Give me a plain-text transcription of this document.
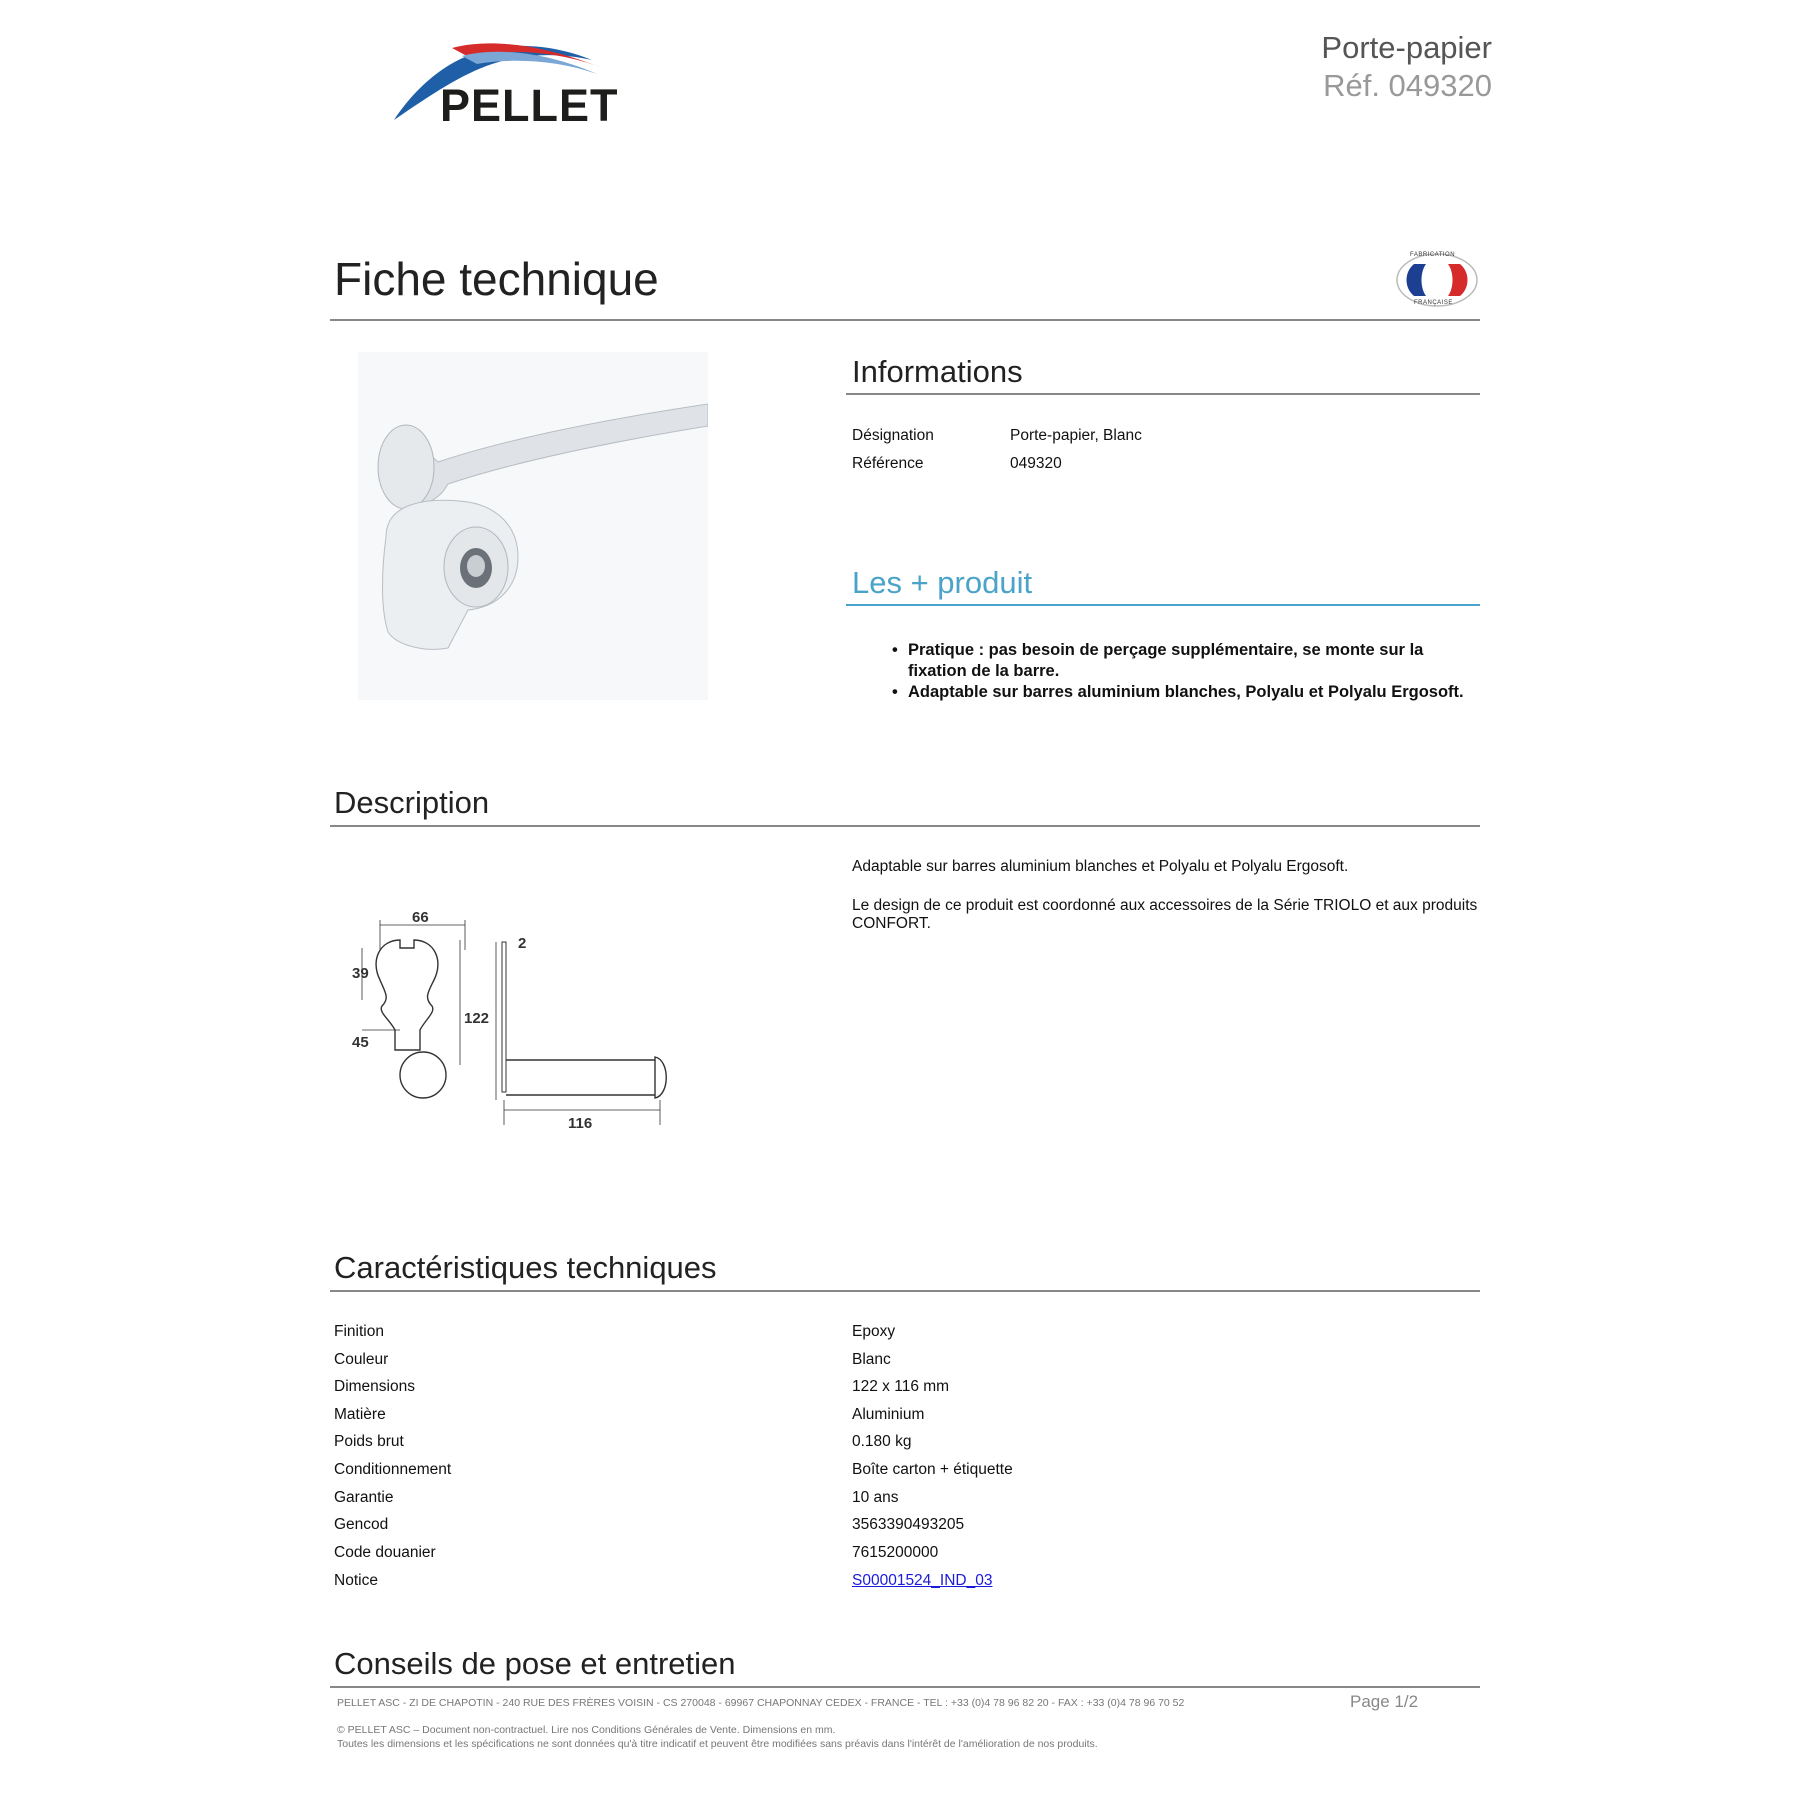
PELLET
Porte-papier
Réf. 049320
Fiche technique	FABRICATION
FRANÇAISE
Informations
Désignation	Porte-papier, Blanc
Référence	049320
Les + produit
• Pratique : pas besoin de perçage supplémentaire, se monte sur la
fixation de la barre.
• Adaptable sur barres aluminium blanches, Polyalu et Polyalu Ergosoft.
Description
Adaptable sur barres aluminium blanches et Polyalu et Polyalu Ergosoft.
Le design de ce produit est coordonné aux accessoires de la Série TRIOLO et aux produits
CONFORT.
66
39
45
122
2
116
Caractéristiques techniques
Finition	Epoxy
Couleur	Blanc
Dimensions	122 x 116 mm
Matière	Aluminium
Poids brut	0.180 kg
Conditionnement	Boîte carton + étiquette
Garantie	10 ans
Gencod	3563390493205
Code douanier	7615200000
Notice	S00001524_IND_03
Conseils de pose et entretien
PELLET ASC - ZI DE CHAPOTIN - 240 RUE DES FRÈRES VOISIN - CS 270048 - 69967 CHAPONNAY CEDEX - FRANCE - TEL : +33 (0)4 78 96 82 20 - FAX : +33 (0)4 78 96 70 52	Page 1/2
© PELLET ASC – Document non-contractuel. Lire nos Conditions Générales de Vente. Dimensions en mm.
Toutes les dimensions et les spécifications ne sont données qu'à titre indicatif et peuvent être modifiées sans préavis dans l'intérêt de l'amélioration de nos produits.
